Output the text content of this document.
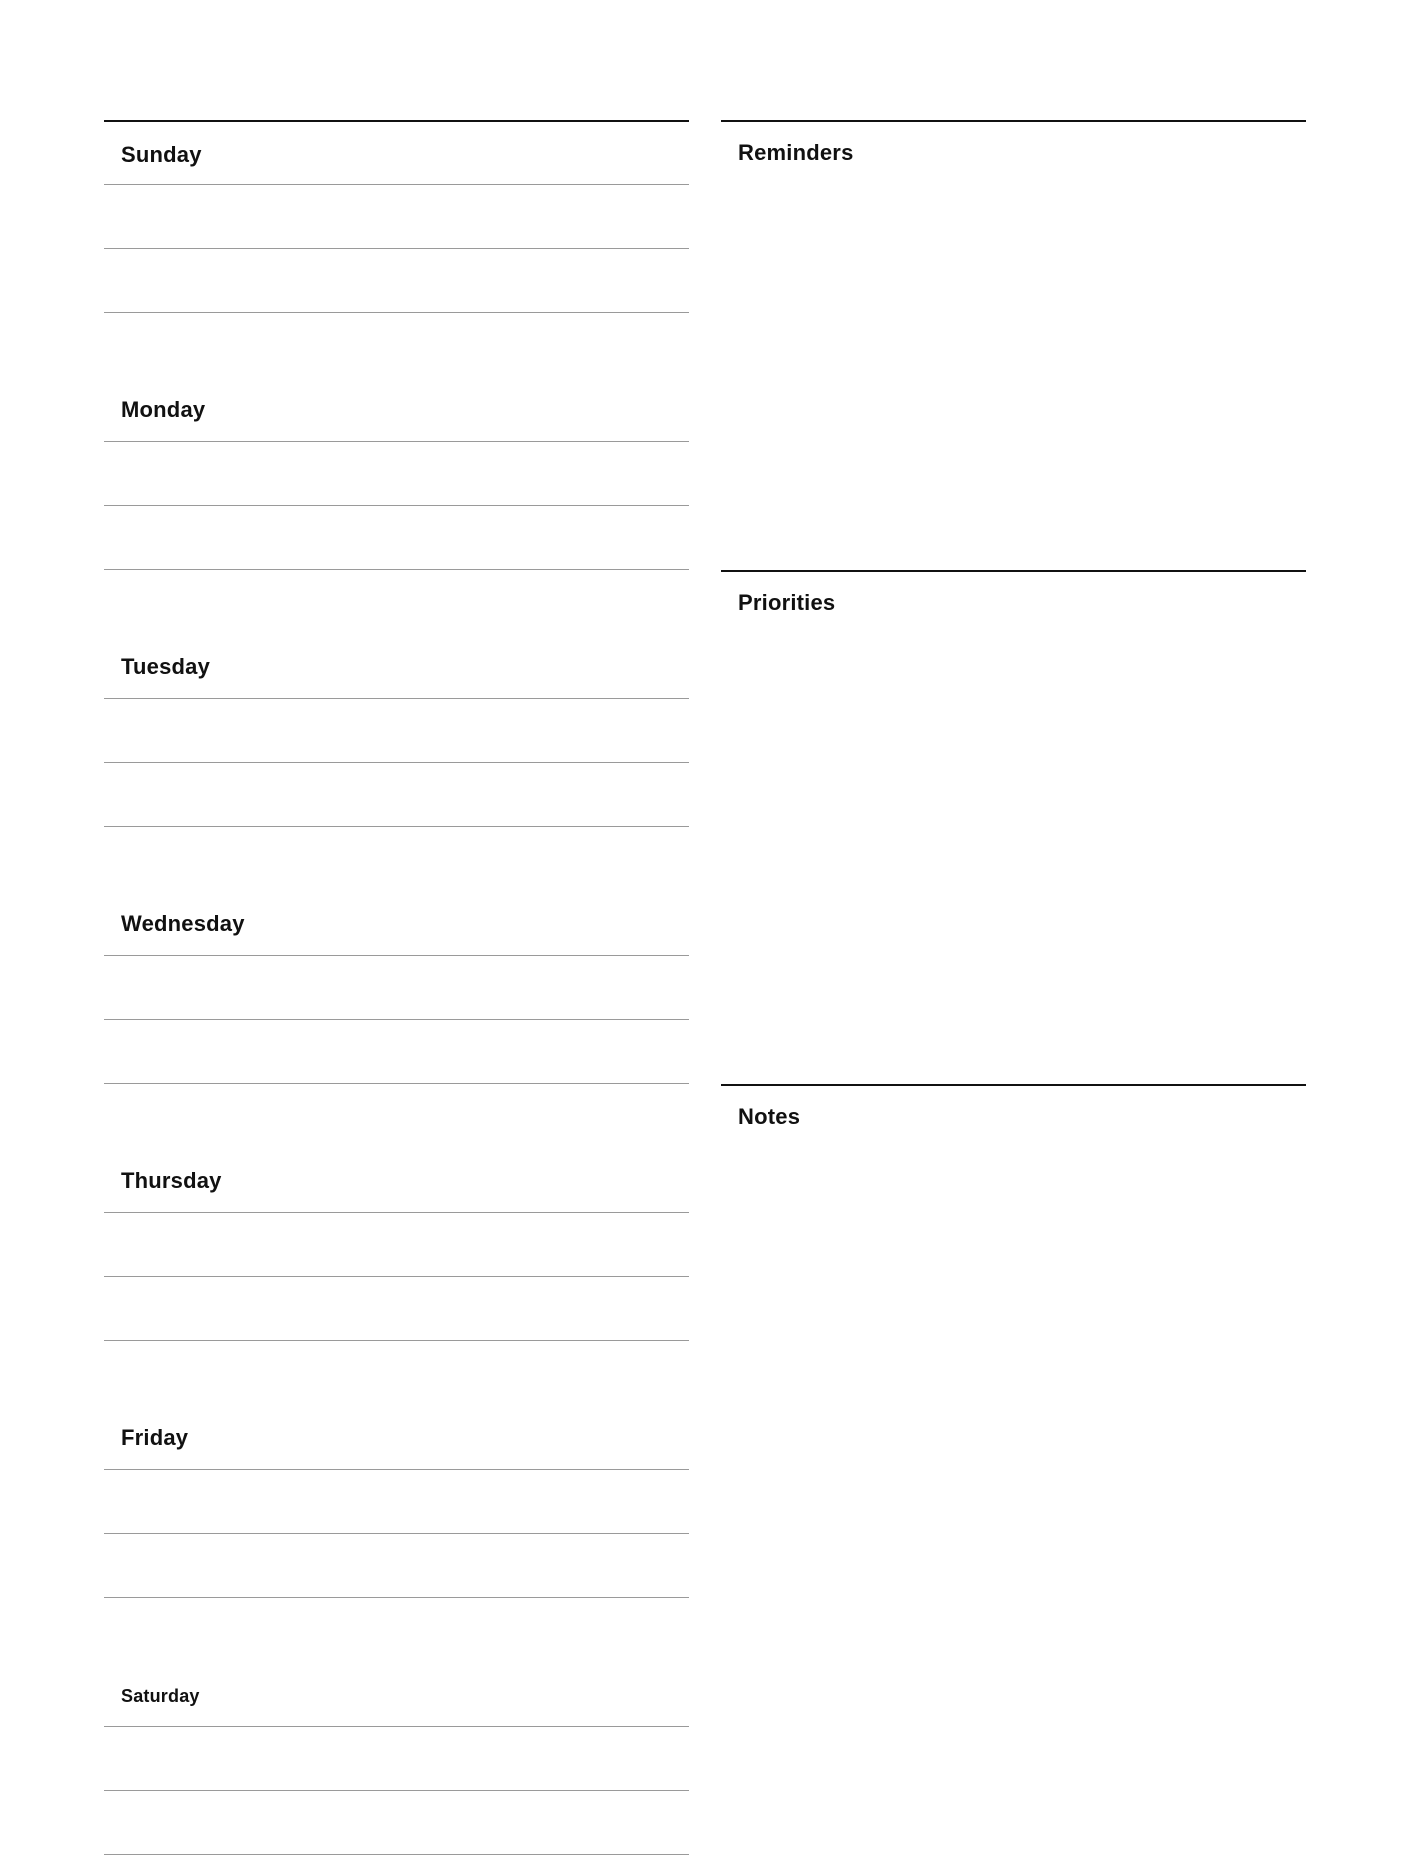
Sunday
Monday
Tuesday
Wednesday
Thursday
Friday
Saturday
Reminders
Priorities
Notes
